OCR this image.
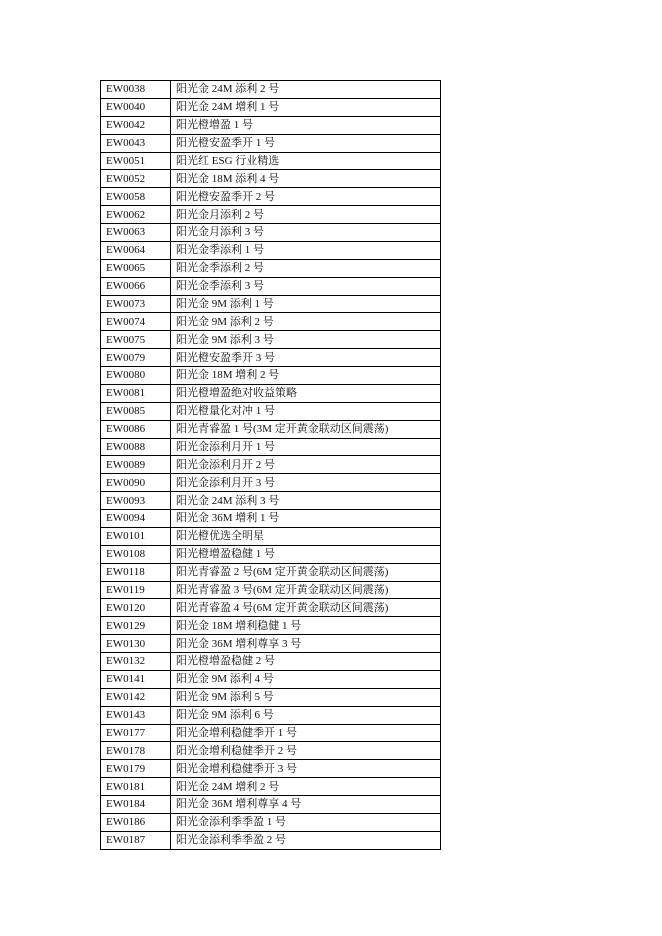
EW0038	阳光金 24M 添利 2 号
EW0040	阳光金 24M 增利 1 号
EW0042	阳光橙增盈 1 号
EW0043	阳光橙安盈季开 1 号
EW0051	阳光红 ESG 行业精选
EW0052	阳光金 18M 添利 4 号
EW0058	阳光橙安盈季开 2 号
EW0062	阳光金月添利 2 号
EW0063	阳光金月添利 3 号
EW0064	阳光金季添利 1 号
EW0065	阳光金季添利 2 号
EW0066	阳光金季添利 3 号
EW0073	阳光金 9M 添利 1 号
EW0074	阳光金 9M 添利 2 号
EW0075	阳光金 9M 添利 3 号
EW0079	阳光橙安盈季开 3 号
EW0080	阳光金 18M 增利 2 号
EW0081	阳光橙增盈绝对收益策略
EW0085	阳光橙量化对冲 1 号
EW0086	阳光青睿盈 1 号(3M 定开黄金联动区间震荡)
EW0088	阳光金添利月开 1 号
EW0089	阳光金添利月开 2 号
EW0090	阳光金添利月开 3 号
EW0093	阳光金 24M 添利 3 号
EW0094	阳光金 36M 增利 1 号
EW0101	阳光橙优选全明星
EW0108	阳光橙增盈稳健 1 号
EW0118	阳光青睿盈 2 号(6M 定开黄金联动区间震荡)
EW0119	阳光青睿盈 3 号(6M 定开黄金联动区间震荡)
EW0120	阳光青睿盈 4 号(6M 定开黄金联动区间震荡)
EW0129	阳光金 18M 增利稳健 1 号
EW0130	阳光金 36M 增利尊享 3 号
EW0132	阳光橙增盈稳健 2 号
EW0141	阳光金 9M 添利 4 号
EW0142	阳光金 9M 添利 5 号
EW0143	阳光金 9M 添利 6 号
EW0177	阳光金增利稳健季开 1 号
EW0178	阳光金增利稳健季开 2 号
EW0179	阳光金增利稳健季开 3 号
EW0181	阳光金 24M 增利 2 号
EW0184	阳光金 36M 增利尊享 4 号
EW0186	阳光金添利季季盈 1 号
EW0187	阳光金添利季季盈 2 号
